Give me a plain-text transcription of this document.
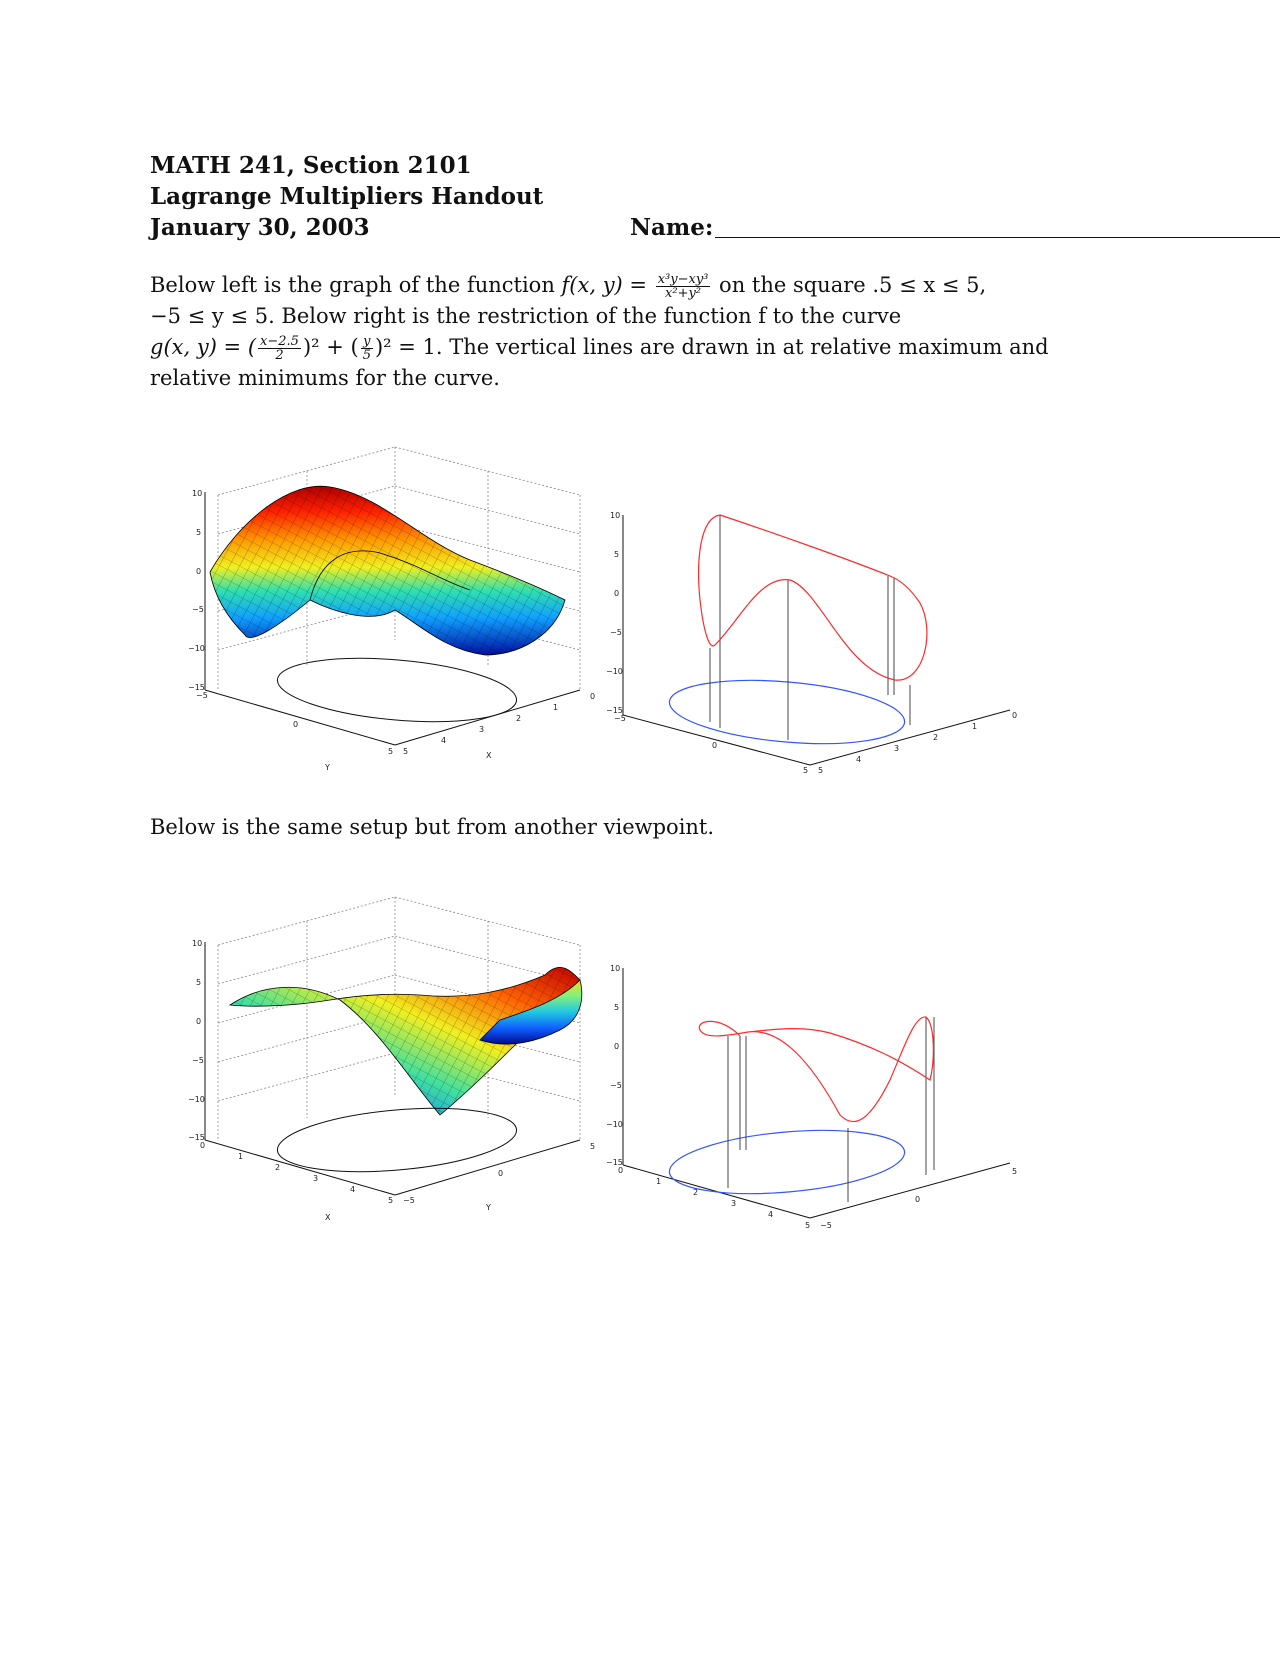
MATH 241, Section 2101
Lagrange Multipliers Handout
January 30, 2003	Name:
Below left is the graph of the function f(x, $y) = \frac{\text{x³y−xy³}}{\text{x²+y²}}$ on the square .5 ≤ x ≤ 5,
−5 ≤ y ≤ 5. Below right is the restriction of the function f to the curve
g(x, y) = ( $\frac{x-2.5}{2} )^2$ + ( $\frac{y}{5} )^2 = 1$. The vertical lines are drawn in at relative maximum and
relative minimums for the curve.
Below is the same setup but from another viewpoint.
10
5
0
−5
−10
−15
−5
0
5 5
4
3
2
1
0
X
Y
10
5
0
−5
−10
−15
−5
0
5 5
4
3
2
1
0
10
5
0
−5
−10
−15
0
1
2
3
4
5 −5
0
5
X
Y
10
5
0
−5
−10
−15
0
1
2
3
4
5 −5
0
5
